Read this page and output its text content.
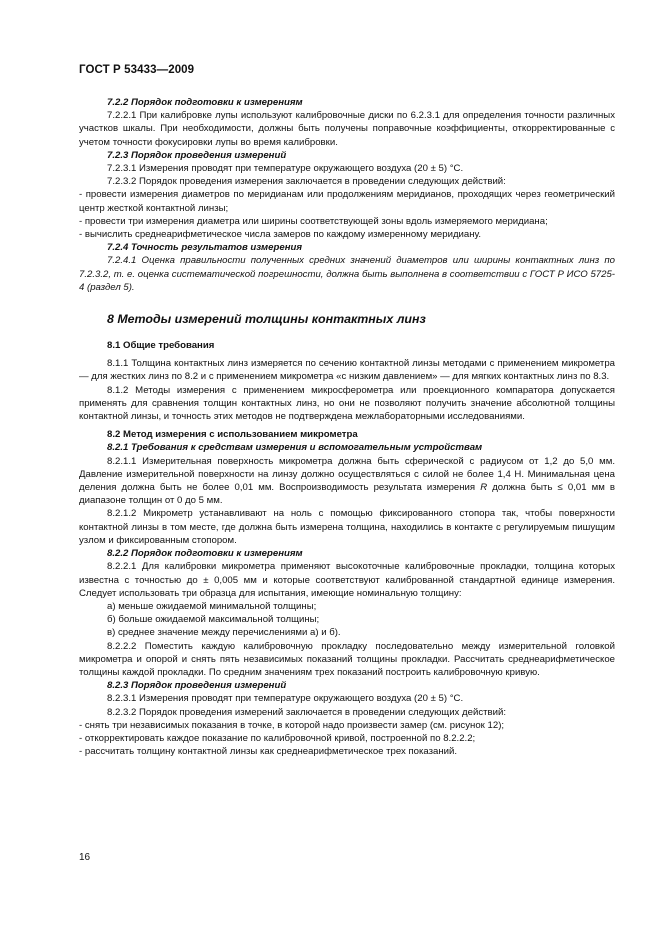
ГОСТ Р 53433—2009

7.2.2 Порядок подготовки к измерениям

7.2.2.1 При калибровке лупы используют калибровочные диски по 6.2.3.1 для определения точности различных участков шкалы. При необходимости, должны быть получены поправочные коэффициенты, откорректированные с учетом точности фокусировки лупы во время калибровки.

7.2.3 Порядок проведения измерений

7.2.3.1 Измерения проводят при температуре окружающего воздуха (20 ± 5) °С.

7.2.3.2 Порядок проведения измерения заключается в проведении следующих действий:

- провести измерения диаметров по меридианам или продолжениям меридианов, проходящих через геометрический центр жесткой контактной линзы;

- провести три измерения диаметра или ширины соответствующей зоны вдоль измеряемого меридиана;

- вычислить среднеарифметическое числа замеров по каждому измеренному меридиану.

7.2.4 Точность результатов измерения

7.2.4.1 Оценка правильности полученных средних значений диаметров или ширины контактных линз по 7.2.3.2, т. е. оценка систематической погрешности, должна быть выполнена в соответствии с ГОСТ Р ИСО 5725-4 (раздел 5).

8 Методы измерений толщины контактных линз

8.1 Общие требования

8.1.1 Толщина контактных линз измеряется по сечению контактной линзы методами с применением микрометра — для жестких линз по 8.2 и с применением микрометра «с низким давлением» — для мягких контактных линз по 8.3.

8.1.2 Методы измерения с применением микросферометра или проекционного компаратора допускается применять для сравнения толщин контактных линз, но они не позволяют получить значение абсолютной толщины контактной линзы, и точность этих методов не подтверждена межлабораторными исследованиями.

8.2 Метод измерения с использованием микрометра

8.2.1 Требования к средствам измерения и вспомогательным устройствам

8.2.1.1 Измерительная поверхность микрометра должна быть сферической с радиусом от 1,2 до 5,0 мм. Давление измерительной поверхности на линзу должно осуществляться с силой не более 1,4 Н. Минимальная цена деления должна быть не более 0,01 мм. Воспроизводимость результата измерения R должна быть ≤ 0,01 мм в диапазоне толщин от 0 до 5 мм.

8.2.1.2 Микрометр устанавливают на ноль с помощью фиксированного стопора так, чтобы поверхности контактной линзы в том месте, где должна быть измерена толщина, находились в контакте с регулируемым пишущим узлом и фиксированным стопором.

8.2.2 Порядок подготовки к измерениям

8.2.2.1 Для калибровки микрометра применяют высокоточные калибровочные прокладки, толщина которых известна с точностью до ± 0,005 мм и которые соответствуют калиброванной стандартной единице измерения. Следует использовать три образца для испытания, имеющие номинальную толщину:

а) меньше ожидаемой минимальной толщины;

б) больше ожидаемой максимальной толщины;

в) среднее значение между перечислениями а) и б).

8.2.2.2 Поместить каждую калибровочную прокладку последовательно между измерительной головкой микрометра и опорой и снять пять независимых показаний толщины прокладки. Рассчитать среднеарифметическое толщины каждой прокладки. По средним значениям трех показаний построить калибровочную кривую.

8.2.3 Порядок проведения измерений

8.2.3.1 Измерения проводят при температуре окружающего воздуха (20 ± 5) °С.

8.2.3.2 Порядок проведения измерений заключается в проведении следующих действий:

- снять три независимых показания в точке, в которой надо произвести замер (см. рисунок 12);

- откорректировать каждое показание по калибровочной кривой, построенной по 8.2.2.2;

- рассчитать толщину контактной линзы как среднеарифметическое трех показаний.

16
